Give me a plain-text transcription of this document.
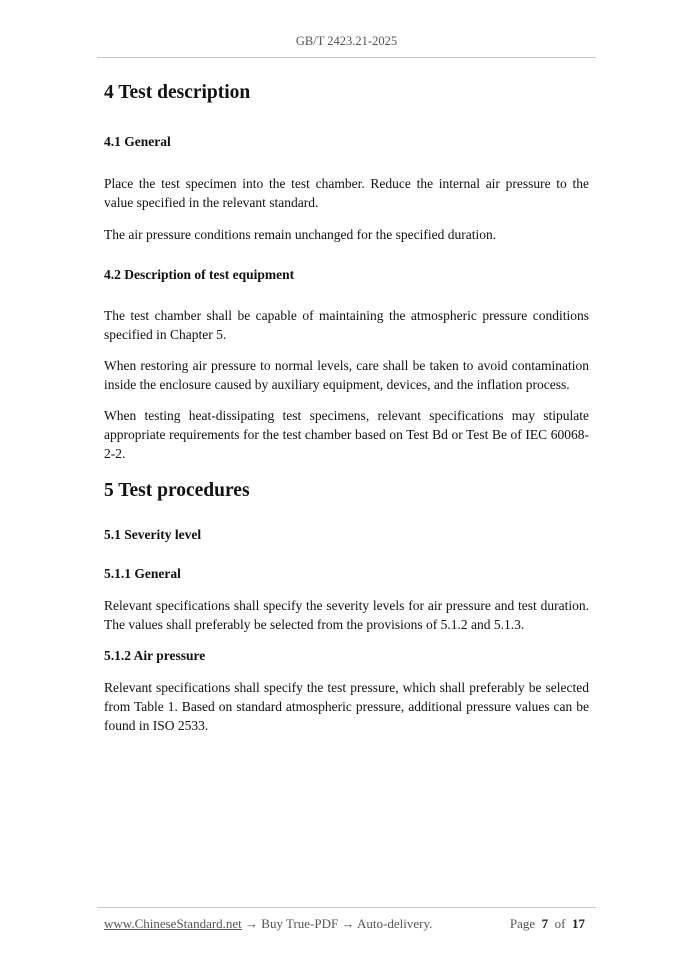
GB/T 2423.21-2025
4 Test description
4.1 General

Place the test specimen into the test chamber. Reduce the internal air pressure to the value specified in the relevant standard.

The air pressure conditions remain unchanged for the specified duration.

4.2 Description of test equipment

The test chamber shall be capable of maintaining the atmospheric pressure conditions specified in Chapter 5.

When restoring air pressure to normal levels, care shall be taken to avoid contamination inside the enclosure caused by auxiliary equipment, devices, and the inflation process.

When testing heat-dissipating test specimens, relevant specifications may stipulate appropriate requirements for the test chamber based on Test Bd or Test Be of IEC 60068-2-2.

5 Test procedures
5.1 Severity level
5.1.1 General

Relevant specifications shall specify the severity levels for air pressure and test duration. The values shall preferably be selected from the provisions of 5.1.2 and 5.1.3.

5.1.2 Air pressure

Relevant specifications shall specify the test pressure, which shall preferably be selected from Table 1. Based on standard atmospheric pressure, additional pressure values can be found in ISO 2533.

www.ChineseStandard.net → Buy True-PDF → Auto-delivery.	Page 7 of 17
